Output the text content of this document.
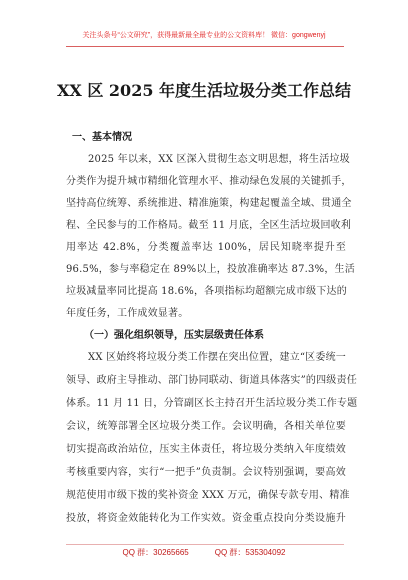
关注头条号“公文研究”，获得最新最全最专业的公文资料库！ 微信：gongwenyj
XX 区 2025 年度生活垃圾分类工作总结
一、基本情况
2025 年以来，XX 区深入贯彻生态文明思想，将生活垃圾
分类作为提升城市精细化管理水平、推动绿色发展的关键抓手，
坚持高位统筹、系统推进、精准施策，构建起覆盖全域、贯通全
程、全民参与的工作格局。截至 11 月底，全区生活垃圾回收利
用率达 42.8%，分类覆盖率达 100%，居民知晓率提升至
96.5%，参与率稳定在 89%以上，投放准确率达 87.3%，生活
垃圾减量率同比提高 18.6%，各项指标均超额完成市级下达的
年度任务，工作成效显著。
（一）强化组织领导，压实层级责任体系
XX 区始终将垃圾分类工作摆在突出位置，建立“区委统一
领导、政府主导推动、部门协同联动、街道具体落实”的四级责任
体系。11 月 11 日，分管副区长主持召开生活垃圾分类工作专题
会议，统筹部署全区垃圾分类工作。会议明确，各相关单位要
切实提高政治站位，压实主体责任，将垃圾分类纳入年度绩效
考核重要内容，实行“一把手”负责制。会议特别强调，要高效
规范使用市级下拨的奖补资金 XXX 万元，确保专款专用、精准
投放，将资金效能转化为工作实效。资金重点投向分类设施升
QQ 群：30265665	QQ 群：535304092
